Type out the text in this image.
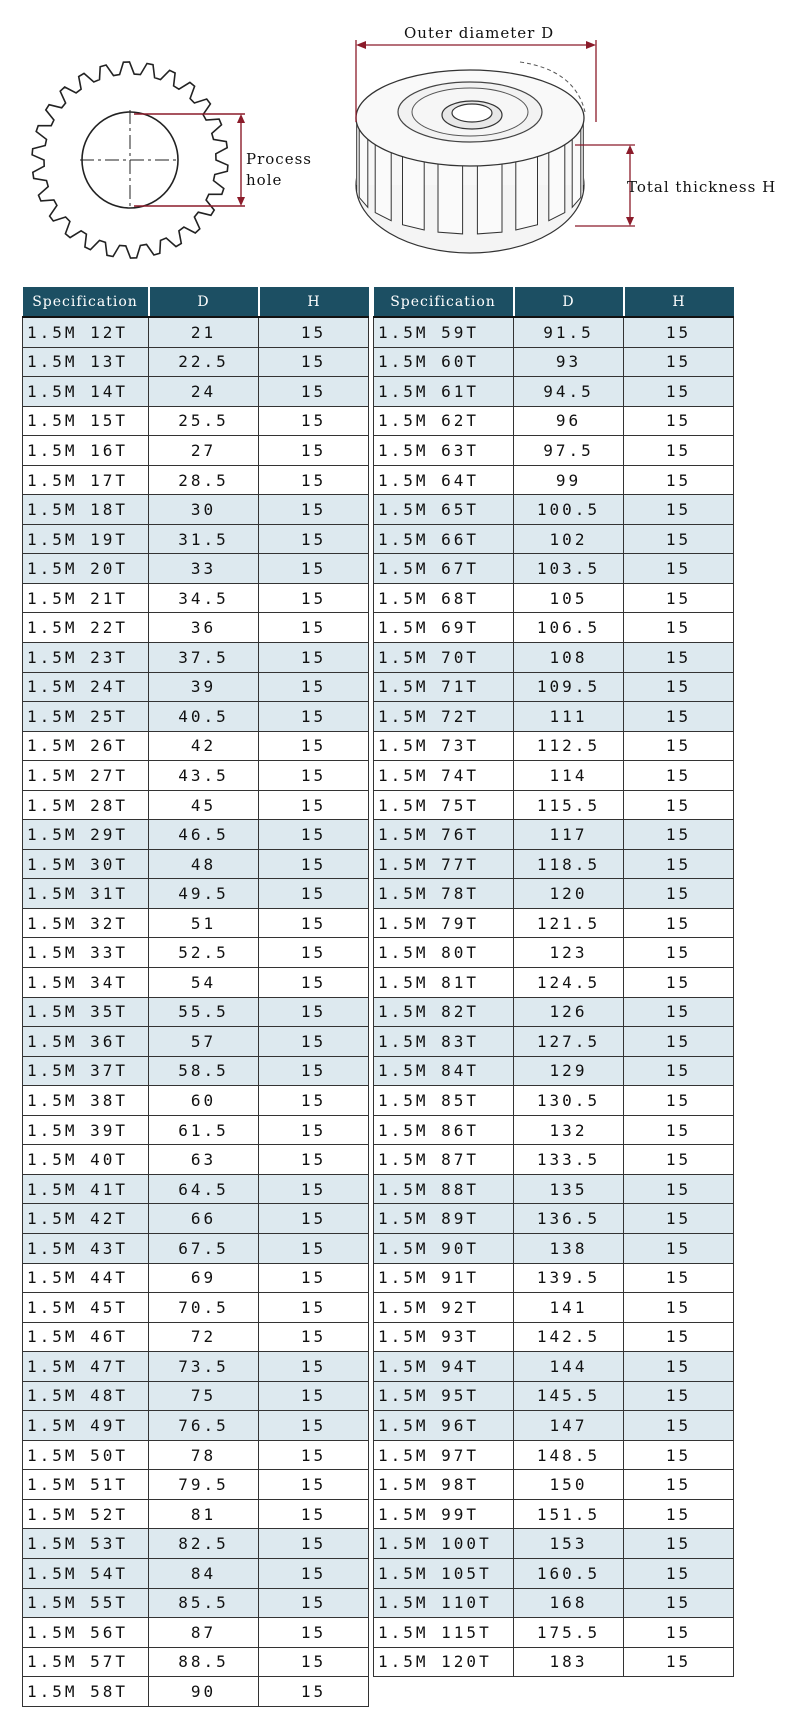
Process
hole
Outer diameter D
Total thickness H
Specification	D	H
1.5M 12T	21	15
1.5M 13T	22.5	15
1.5M 14T	24	15
1.5M 15T	25.5	15
1.5M 16T	27	15
1.5M 17T	28.5	15
1.5M 18T	30	15
1.5M 19T	31.5	15
1.5M 20T	33	15
1.5M 21T	34.5	15
1.5M 22T	36	15
1.5M 23T	37.5	15
1.5M 24T	39	15
1.5M 25T	40.5	15
1.5M 26T	42	15
1.5M 27T	43.5	15
1.5M 28T	45	15
1.5M 29T	46.5	15
1.5M 30T	48	15
1.5M 31T	49.5	15
1.5M 32T	51	15
1.5M 33T	52.5	15
1.5M 34T	54	15
1.5M 35T	55.5	15
1.5M 36T	57	15
1.5M 37T	58.5	15
1.5M 38T	60	15
1.5M 39T	61.5	15
1.5M 40T	63	15
1.5M 41T	64.5	15
1.5M 42T	66	15
1.5M 43T	67.5	15
1.5M 44T	69	15
1.5M 45T	70.5	15
1.5M 46T	72	15
1.5M 47T	73.5	15
1.5M 48T	75	15
1.5M 49T	76.5	15
1.5M 50T	78	15
1.5M 51T	79.5	15
1.5M 52T	81	15
1.5M 53T	82.5	15
1.5M 54T	84	15
1.5M 55T	85.5	15
1.5M 56T	87	15
1.5M 57T	88.5	15
1.5M 58T	90	15
Specification	D	H
1.5M 59T	91.5	15
1.5M 60T	93	15
1.5M 61T	94.5	15
1.5M 62T	96	15
1.5M 63T	97.5	15
1.5M 64T	99	15
1.5M 65T	100.5	15
1.5M 66T	102	15
1.5M 67T	103.5	15
1.5M 68T	105	15
1.5M 69T	106.5	15
1.5M 70T	108	15
1.5M 71T	109.5	15
1.5M 72T	111	15
1.5M 73T	112.5	15
1.5M 74T	114	15
1.5M 75T	115.5	15
1.5M 76T	117	15
1.5M 77T	118.5	15
1.5M 78T	120	15
1.5M 79T	121.5	15
1.5M 80T	123	15
1.5M 81T	124.5	15
1.5M 82T	126	15
1.5M 83T	127.5	15
1.5M 84T	129	15
1.5M 85T	130.5	15
1.5M 86T	132	15
1.5M 87T	133.5	15
1.5M 88T	135	15
1.5M 89T	136.5	15
1.5M 90T	138	15
1.5M 91T	139.5	15
1.5M 92T	141	15
1.5M 93T	142.5	15
1.5M 94T	144	15
1.5M 95T	145.5	15
1.5M 96T	147	15
1.5M 97T	148.5	15
1.5M 98T	150	15
1.5M 99T	151.5	15
1.5M 100T	153	15
1.5M 105T	160.5	15
1.5M 110T	168	15
1.5M 115T	175.5	15
1.5M 120T	183	15
